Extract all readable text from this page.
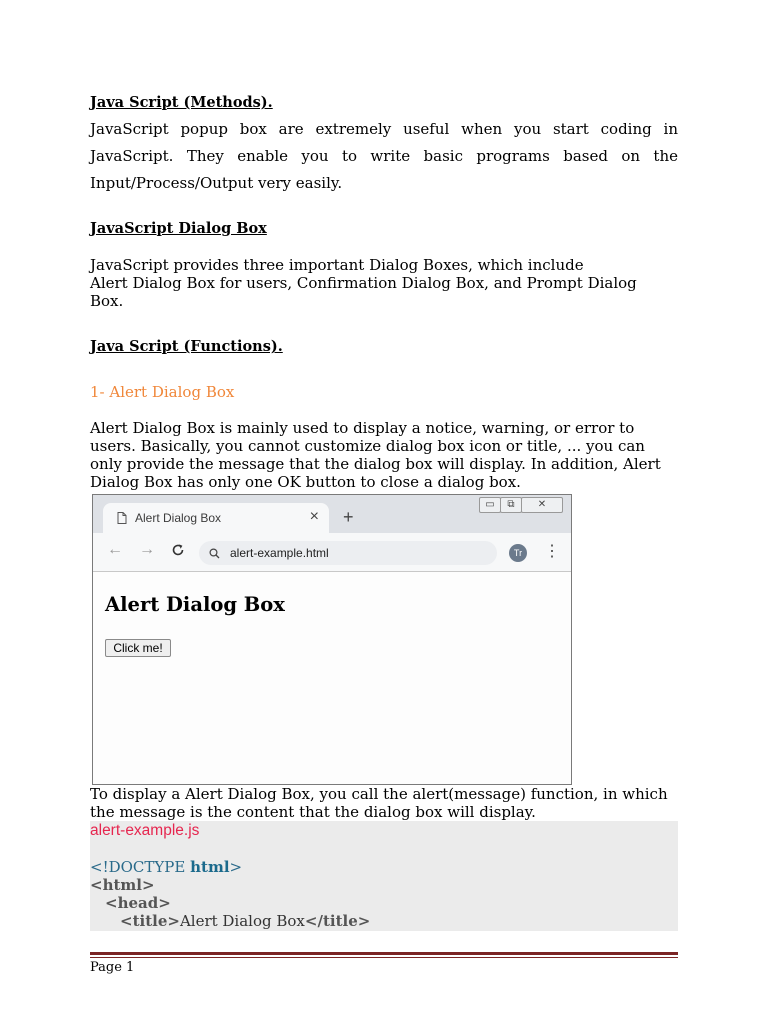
Java Script (Methods).

JavaScript popup box are extremely useful when you start coding in

JavaScript. They enable you to write basic programs based on the

Input/Process/Output very easily.

JavaScript Dialog Box

JavaScript provides three important Dialog Boxes, which include

Alert Dialog Box for users, Confirmation Dialog Box, and Prompt Dialog

Box.

Java Script (Functions).

1- Alert Dialog Box

Alert Dialog Box is mainly used to display a notice, warning, or error to

users. Basically, you cannot customize dialog box icon or title, ... you can

only provide the message that the dialog box will display. In addition, Alert

Dialog Box has only one OK button to close a dialog box.

To display a Alert Dialog Box, you call the alert(message) function, in which

the message is the content that the dialog box will display.

Alert Dialog Box	× +
▭	⧉	✕
← →	alert-example.html	Tr	⋮
Alert Dialog Box
Click me!
alert-example.js
<!DOCTYPE html>
<html>
<head>
<title>Alert Dialog Box</title>
Page 1
